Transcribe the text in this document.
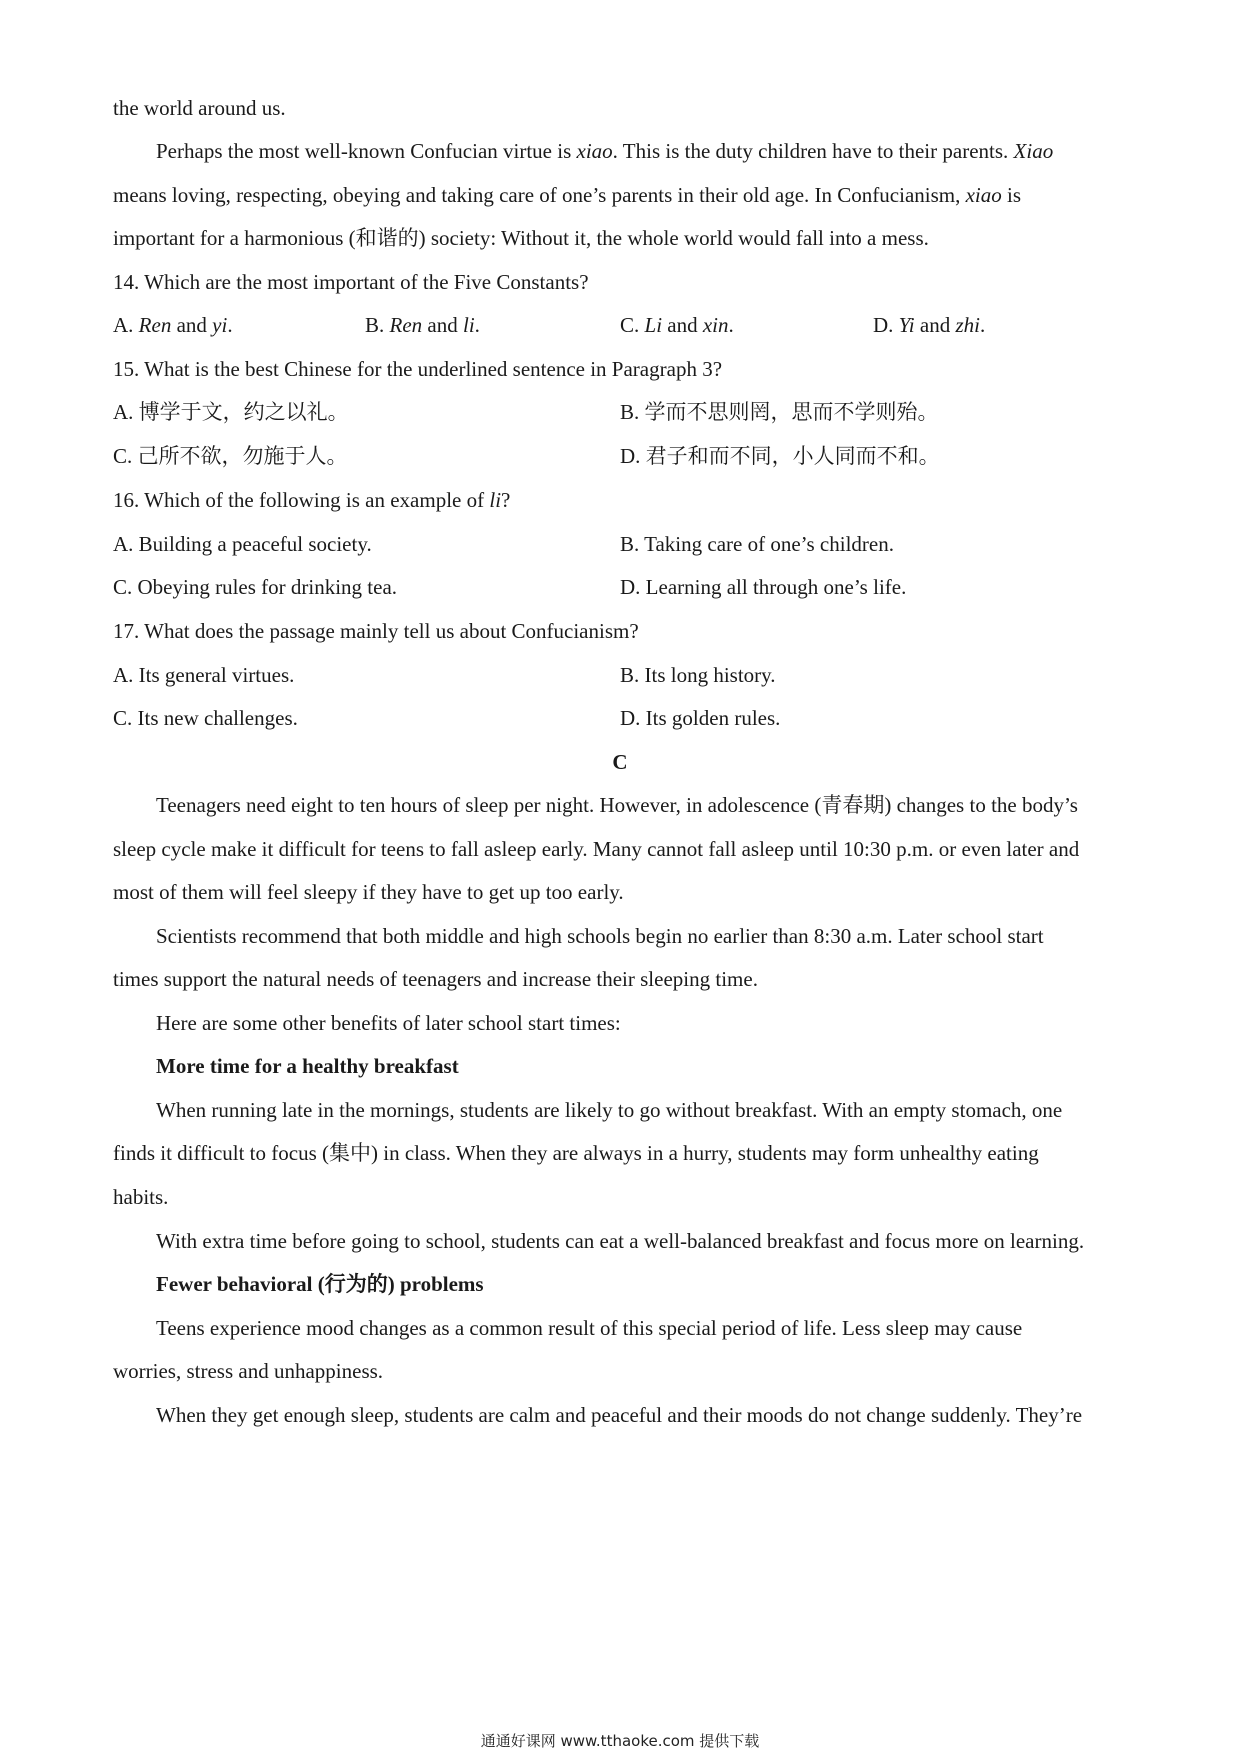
the world around us.
Perhaps the most well-known Confucian virtue is xiao. This is the duty children have to their parents. Xiao
means loving, respecting, obeying and taking care of one’s parents in their old age. In Confucianism, xiao is
important for a harmonious (和谐的) society: Without it, the whole world would fall into a mess.
14. Which are the most important of the Five Constants?
A. Ren and yi.	B. Ren and li.	C. Li and xin.	D. Yi and zhi.
15. What is the best Chinese for the underlined sentence in Paragraph 3?
A. 博学于文，约之以礼。	B. 学而不思则罔，思而不学则殆。
C. 己所不欲，勿施于人。	D. 君子和而不同，小人同而不和。
16. Which of the following is an example of li?
A. Building a peaceful society.	B. Taking care of one’s children.
C. Obeying rules for drinking tea.	D. Learning all through one’s life.
17. What does the passage mainly tell us about Confucianism?
A. Its general virtues.	B. Its long history.
C. Its new challenges.	D. Its golden rules.
C
Teenagers need eight to ten hours of sleep per night. However, in adolescence (青春期) changes to the body’s
sleep cycle make it difficult for teens to fall asleep early. Many cannot fall asleep until 10:30 p.m. or even later and
most of them will feel sleepy if they have to get up too early.
Scientists recommend that both middle and high schools begin no earlier than 8:30 a.m. Later school start
times support the natural needs of teenagers and increase their sleeping time.
Here are some other benefits of later school start times:
More time for a healthy breakfast
When running late in the mornings, students are likely to go without breakfast. With an empty stomach, one
finds it difficult to focus (集中) in class. When they are always in a hurry, students may form unhealthy eating
habits.
With extra time before going to school, students can eat a well-balanced breakfast and focus more on learning.
Fewer behavioral (行为的) problems
Teens experience mood changes as a common result of this special period of life. Less sleep may cause
worries, stress and unhappiness.
When they get enough sleep, students are calm and peaceful and their moods do not change suddenly. They’re
通通好课网 www.tthaoke.com 提供下载
